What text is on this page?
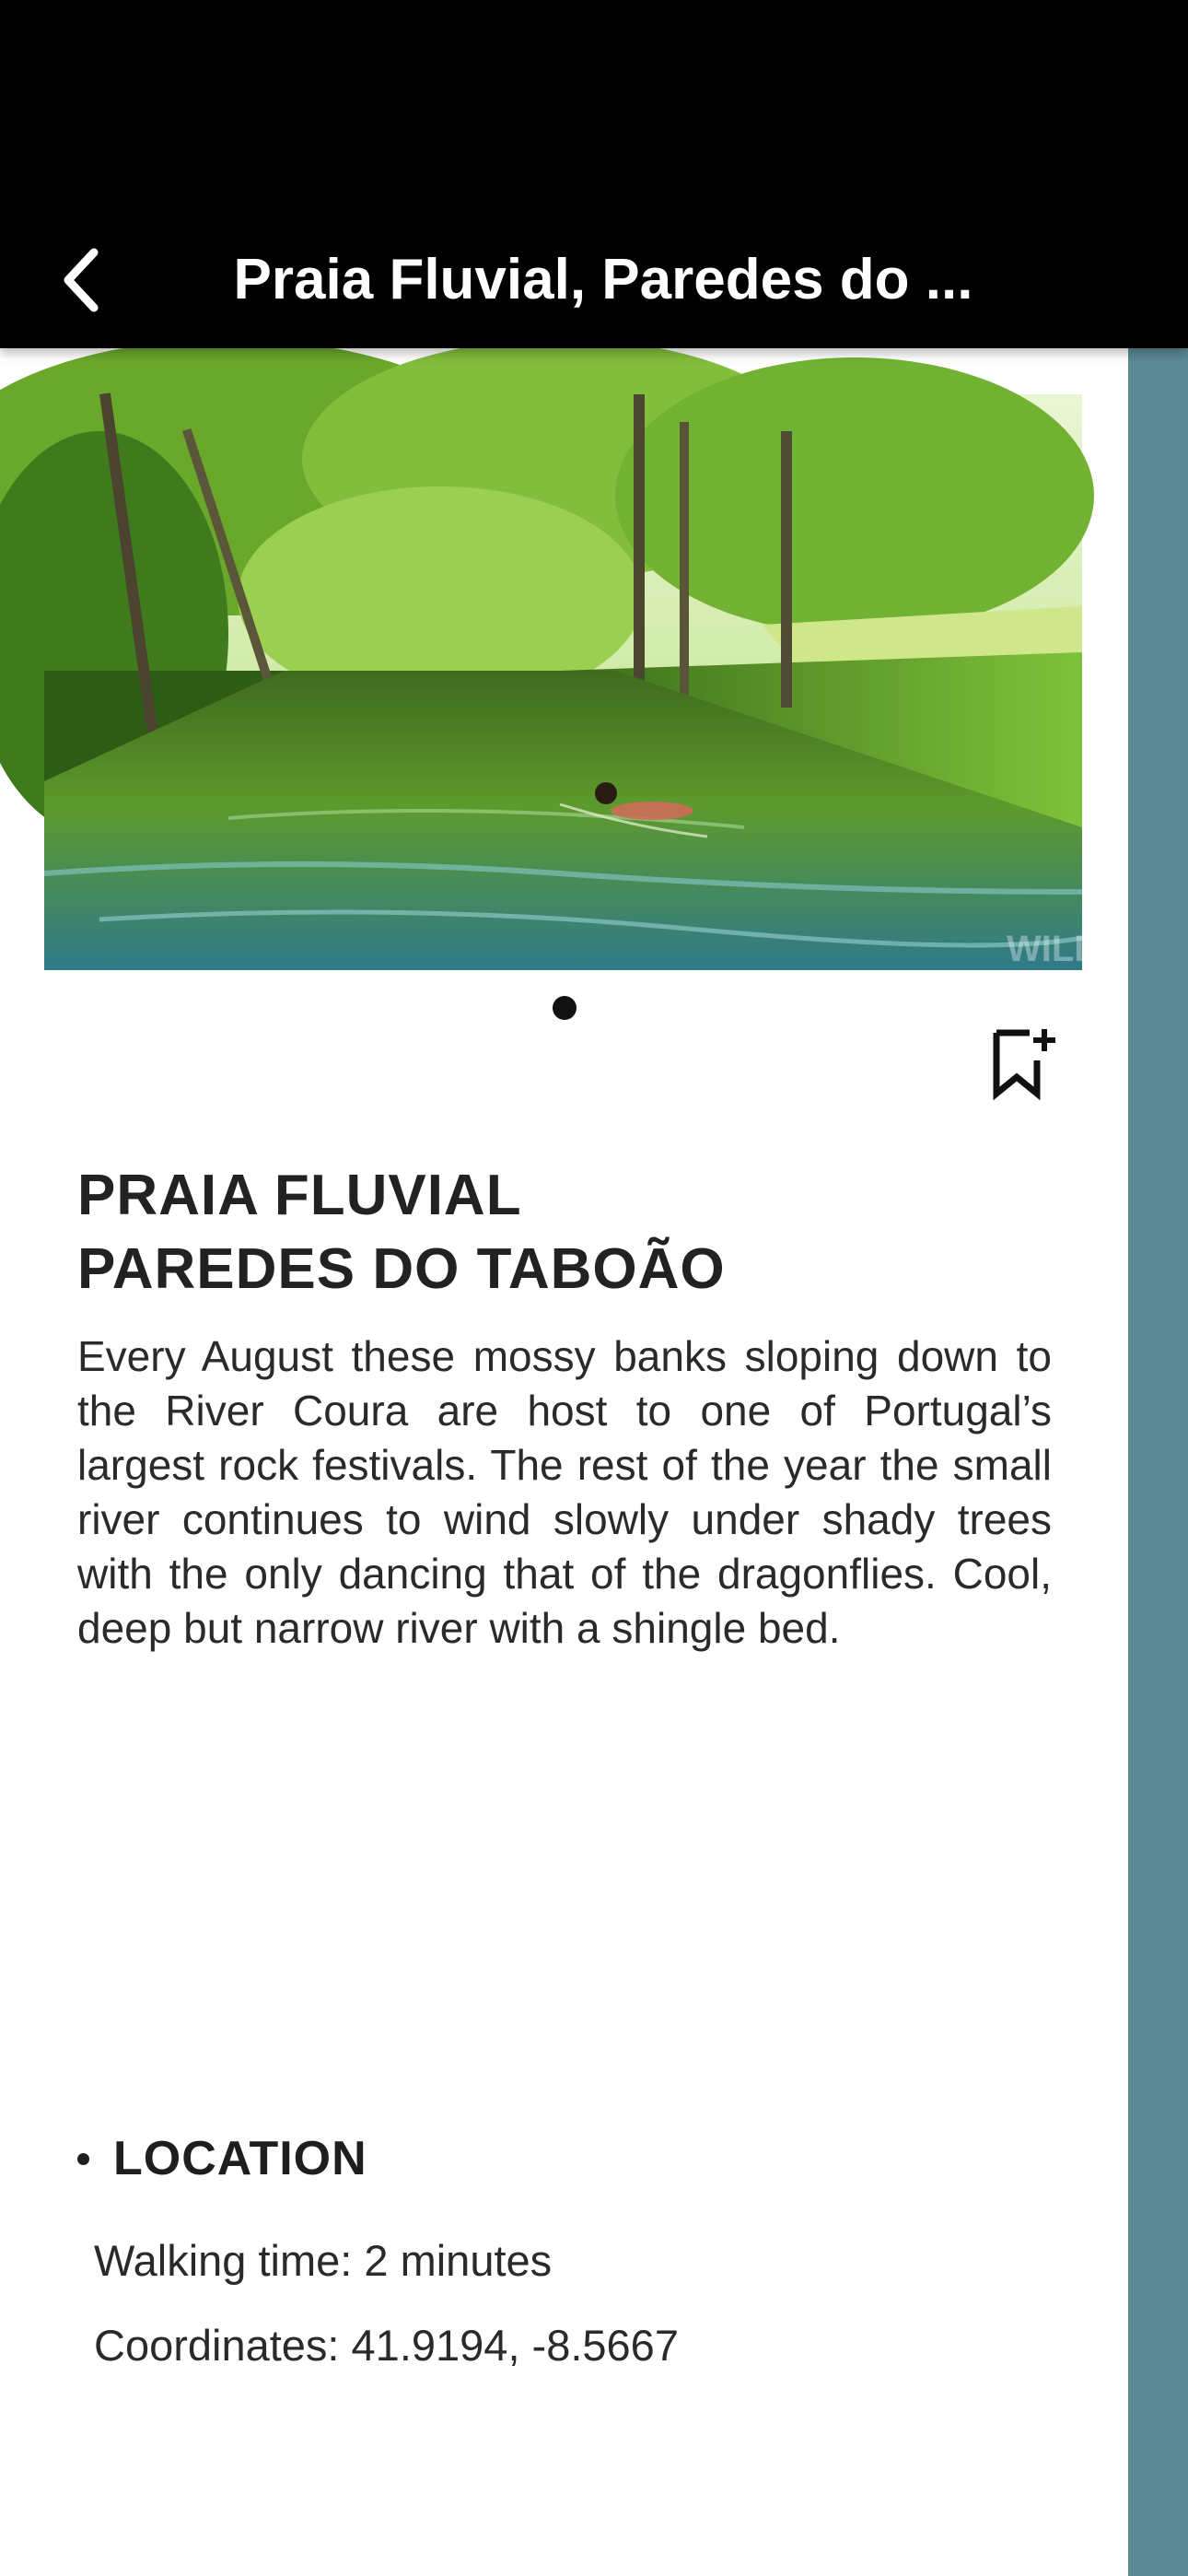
Praia Fluvial, Paredes do ...
WILD
PRAIA FLUVIAL
PAREDES DO TABOÃO

Every August these mossy banks sloping down to the River Coura are host to one of Portugal’s largest rock festivals. The rest of the year the small river continues to wind slowly under shady trees with the only dancing that of the dragonflies. Cool, deep but narrow river with a shingle bed.

LOCATION
Walking time: 2 minutes
Coordinates: 41.9194, -8.5667
